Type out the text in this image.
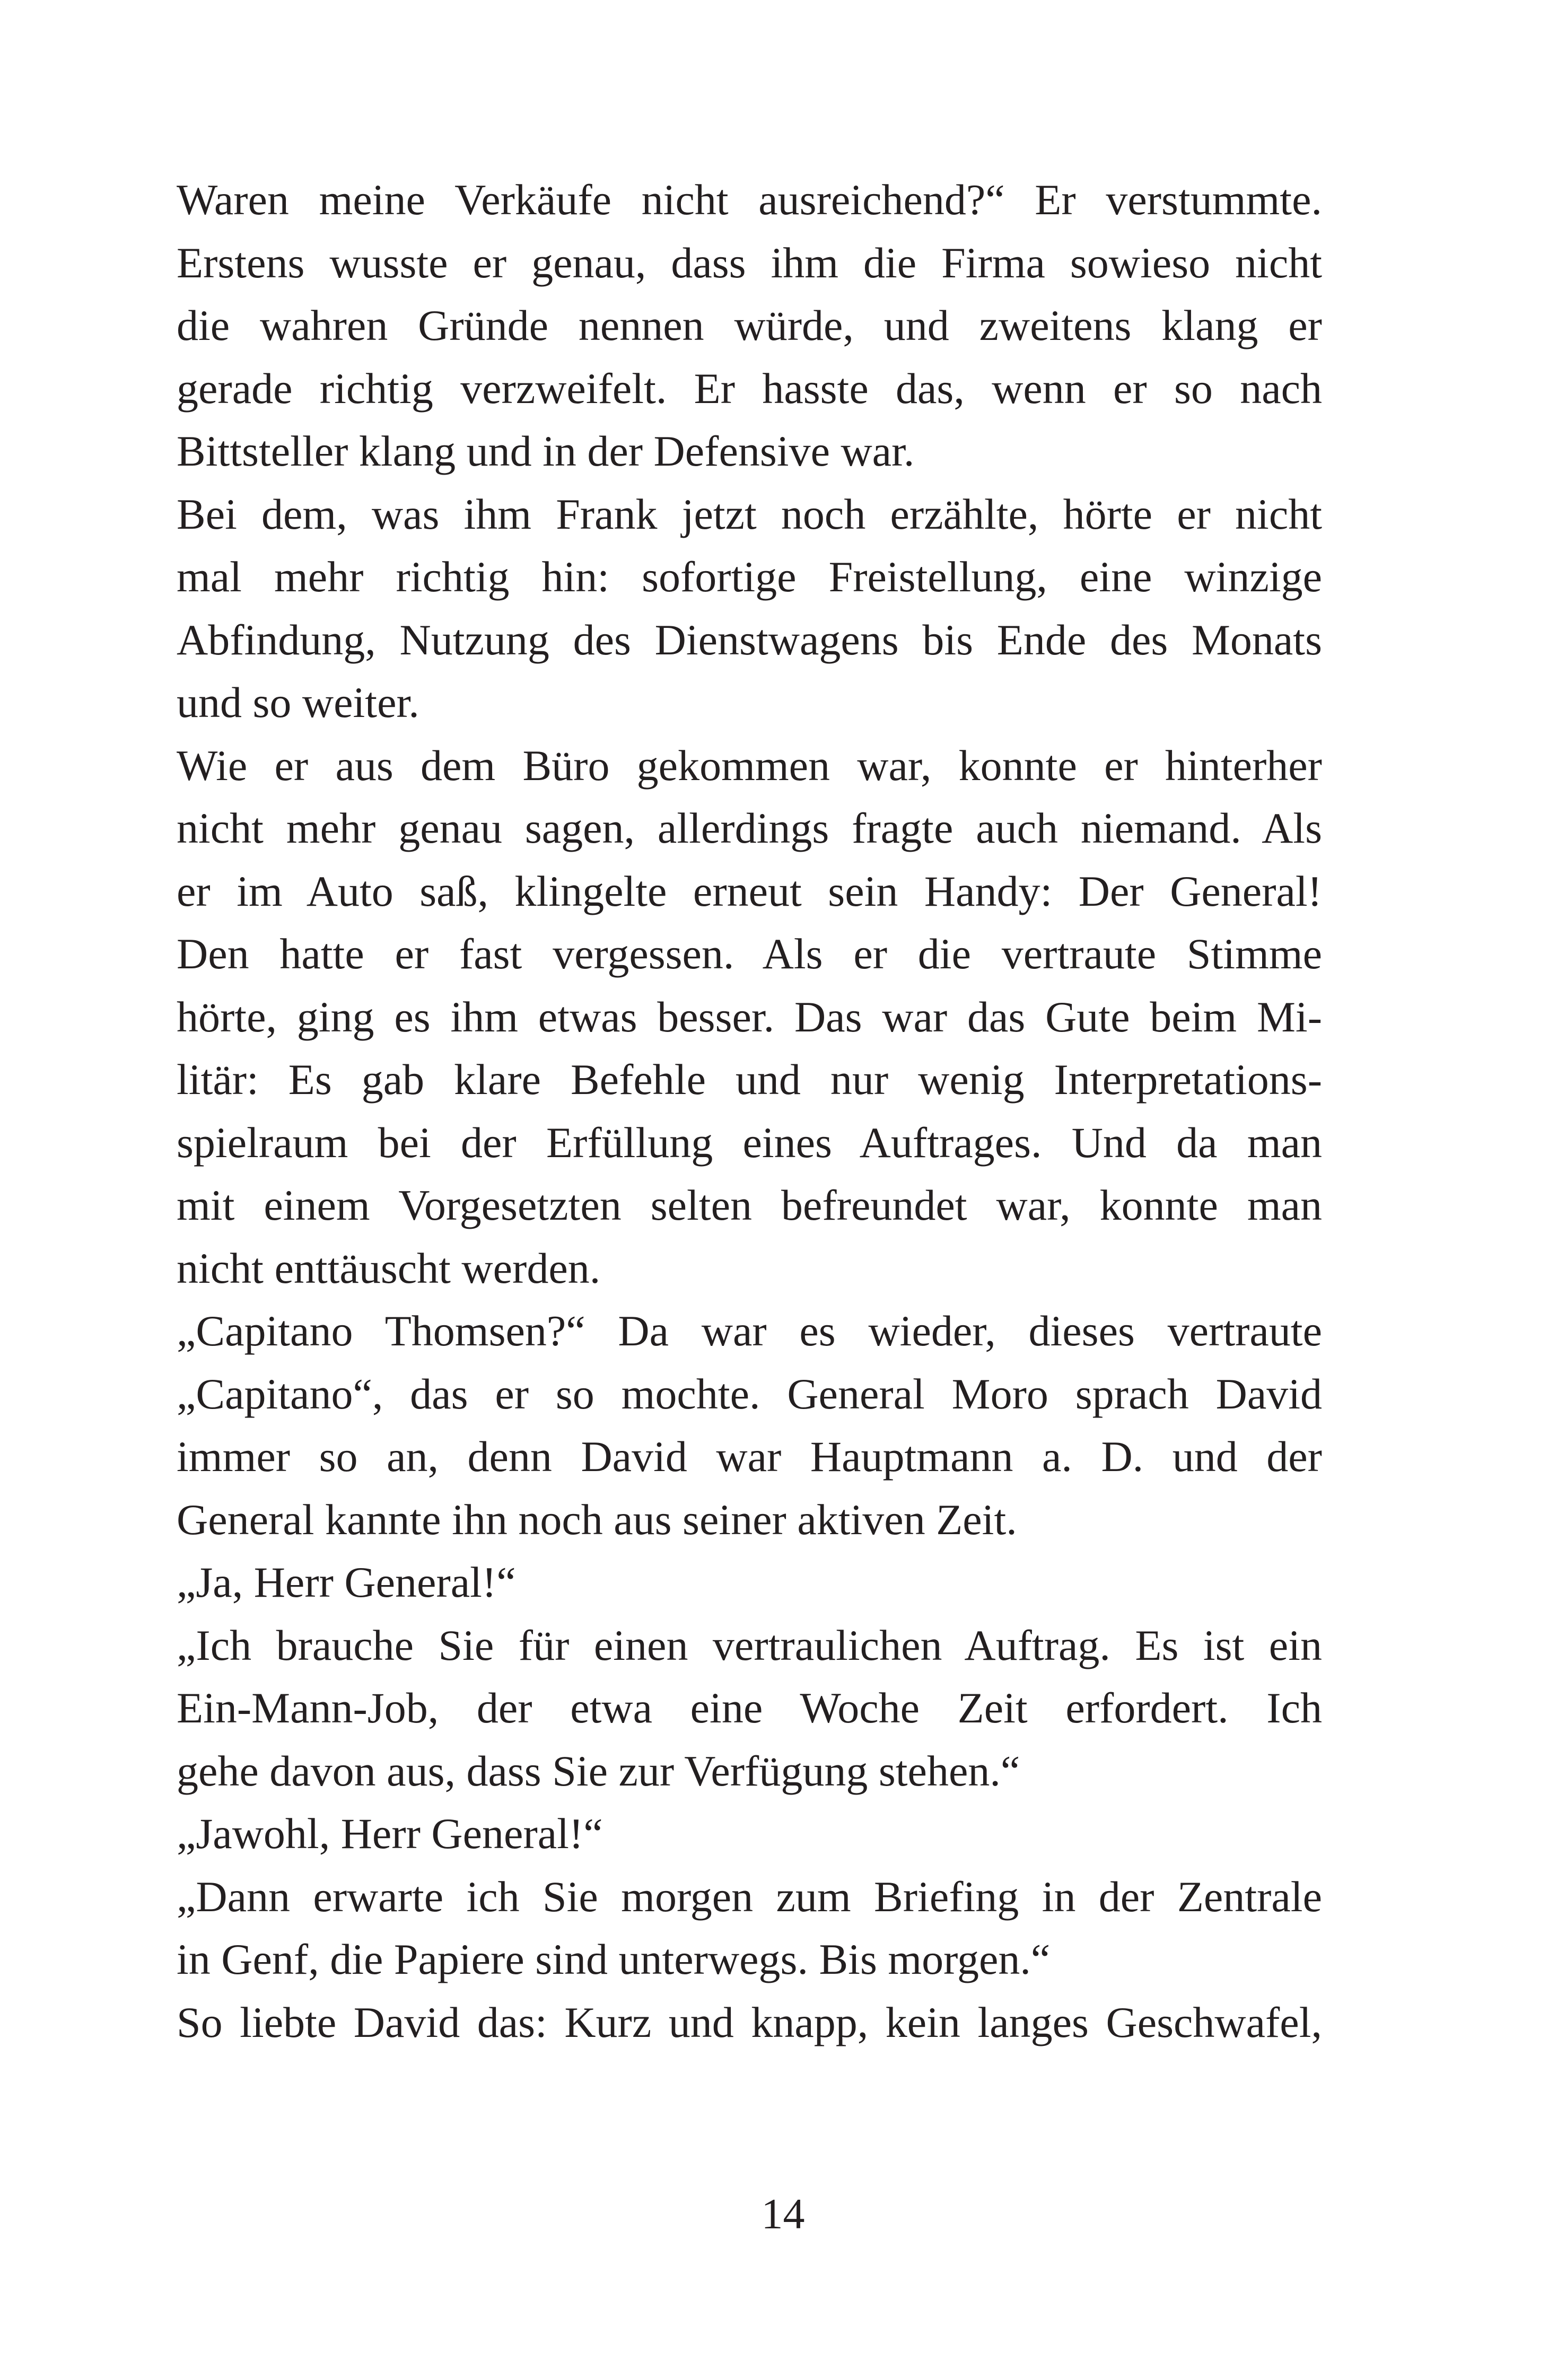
Waren meine Verkäufe nicht ausreichend?“ Er verstummte.
Erstens wusste er genau, dass ihm die Firma sowieso nicht
die wahren Gründe nennen würde, und zweitens klang er
gerade richtig verzweifelt. Er hasste das, wenn er so nach
Bittsteller klang und in der Defensive war.
Bei dem, was ihm Frank jetzt noch erzählte, hörte er nicht
mal mehr richtig hin: sofortige Freistellung, eine winzige
Abfindung, Nutzung des Dienstwagens bis Ende des Monats
und so weiter.
Wie er aus dem Büro gekommen war, konnte er hinterher
nicht mehr genau sagen, allerdings fragte auch niemand. Als
er im Auto saß, klingelte erneut sein Handy: Der General!
Den hatte er fast vergessen. Als er die vertraute Stimme
hörte, ging es ihm etwas besser. Das war das Gute beim Mi-
litär: Es gab klare Befehle und nur wenig Interpretations-
spielraum bei der Erfüllung eines Auftrages. Und da man
mit einem Vorgesetzten selten befreundet war, konnte man
nicht enttäuscht werden.
„Capitano Thomsen?“ Da war es wieder, dieses vertraute
„Capitano“, das er so mochte. General Moro sprach David
immer so an, denn David war Hauptmann a. D. und der
General kannte ihn noch aus seiner aktiven Zeit.
„Ja, Herr General!“
„Ich brauche Sie für einen vertraulichen Auftrag. Es ist ein
Ein-Mann-Job, der etwa eine Woche Zeit erfordert. Ich
gehe davon aus, dass Sie zur Verfügung stehen.“
„Jawohl, Herr General!“
„Dann erwarte ich Sie morgen zum Briefing in der Zentrale
in Genf, die Papiere sind unterwegs. Bis morgen.“
So liebte David das: Kurz und knapp, kein langes Geschwafel,
14
